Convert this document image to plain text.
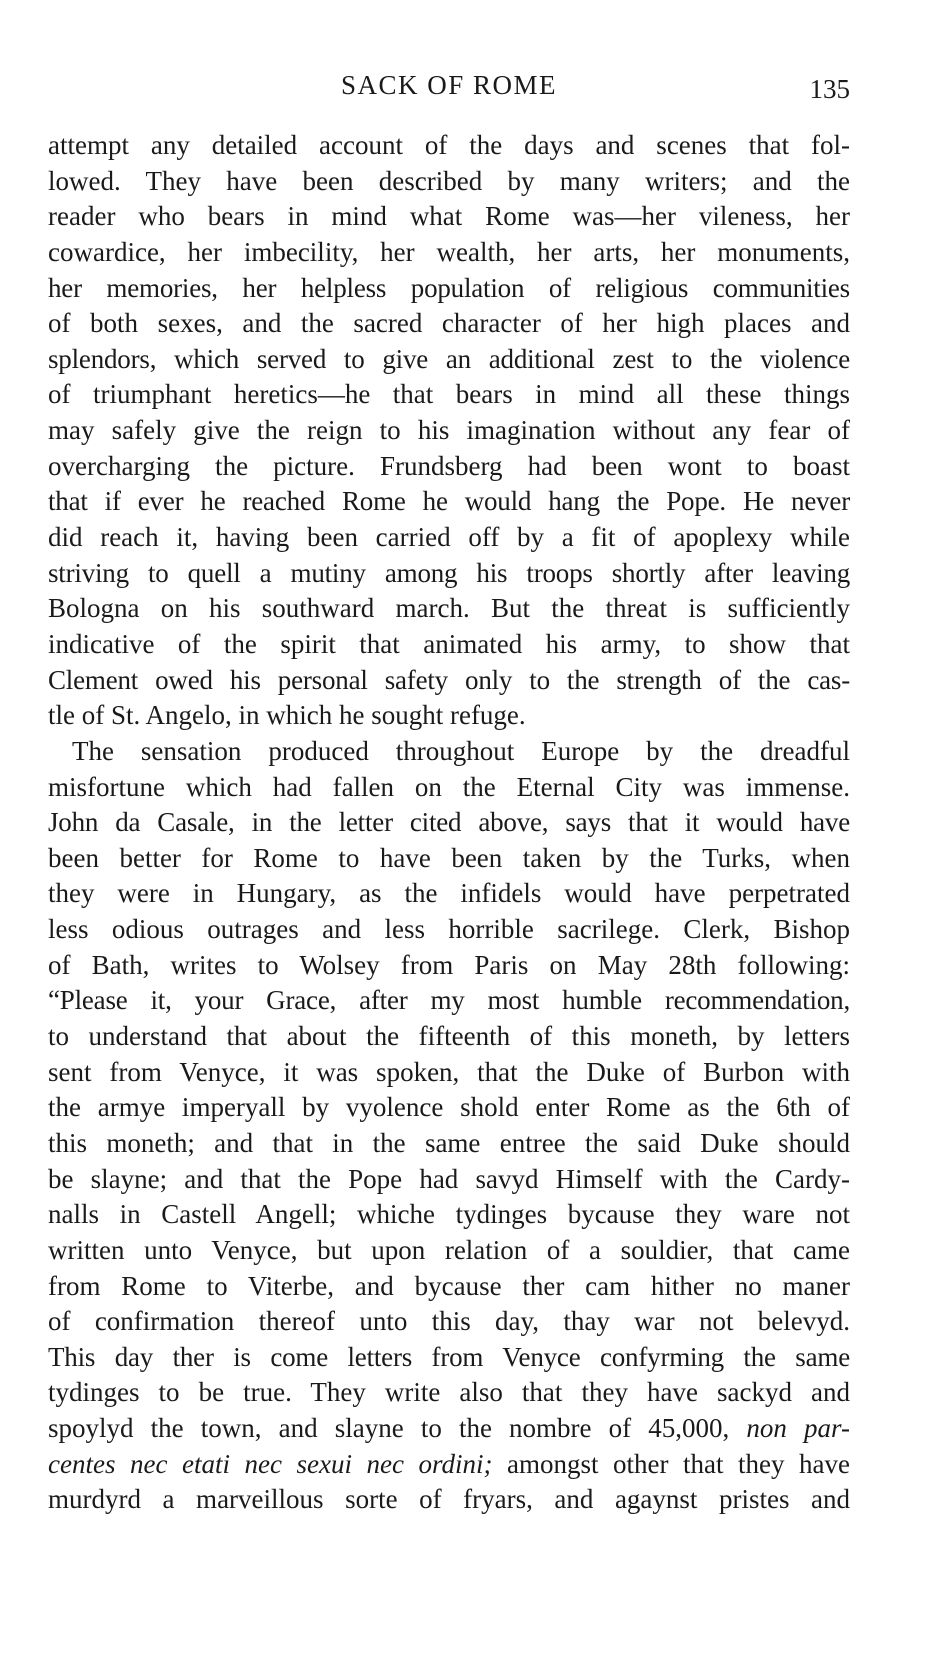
SACK OF ROME	135
attempt any detailed account of the days and scenes that fol-
lowed. They have been described by many writers; and the
reader who bears in mind what Rome was—her vileness, her
cowardice, her imbecility, her wealth, her arts, her monuments,
her memories, her helpless population of religious communities
of both sexes, and the sacred character of her high places and
splendors, which served to give an additional zest to the violence
of triumphant heretics—he that bears in mind all these things
may safely give the reign to his imagination without any fear of
overcharging the picture. Frundsberg had been wont to boast
that if ever he reached Rome he would hang the Pope. He never
did reach it, having been carried off by a fit of apoplexy while
striving to quell a mutiny among his troops shortly after leaving
Bologna on his southward march. But the threat is sufficiently
indicative of the spirit that animated his army, to show that
Clement owed his personal safety only to the strength of the cas-
tle of St. Angelo, in which he sought refuge.
The sensation produced throughout Europe by the dreadful
misfortune which had fallen on the Eternal City was immense.
John da Casale, in the letter cited above, says that it would have
been better for Rome to have been taken by the Turks, when
they were in Hungary, as the infidels would have perpetrated
less odious outrages and less horrible sacrilege. Clerk, Bishop
of Bath, writes to Wolsey from Paris on May 28th following:
“Please it, your Grace, after my most humble recommendation,
to understand that about the fifteenth of this moneth, by letters
sent from Venyce, it was spoken, that the Duke of Burbon with
the armye imperyall by vyolence shold enter Rome as the 6th of
this moneth; and that in the same entree the said Duke should
be slayne; and that the Pope had savyd Himself with the Cardy-
nalls in Castell Angell; whiche tydinges bycause they ware not
written unto Venyce, but upon relation of a souldier, that came
from Rome to Viterbe, and bycause ther cam hither no maner
of confirmation thereof unto this day, thay war not belevyd.
This day ther is come letters from Venyce confyrming the same
tydinges to be true. They write also that they have sackyd and
spoylyd the town, and slayne to the nombre of 45,000, non par-
centes nec etati nec sexui nec ordini; amongst other that they have
murdyrd a marveillous sorte of fryars, and agaynst pristes and
